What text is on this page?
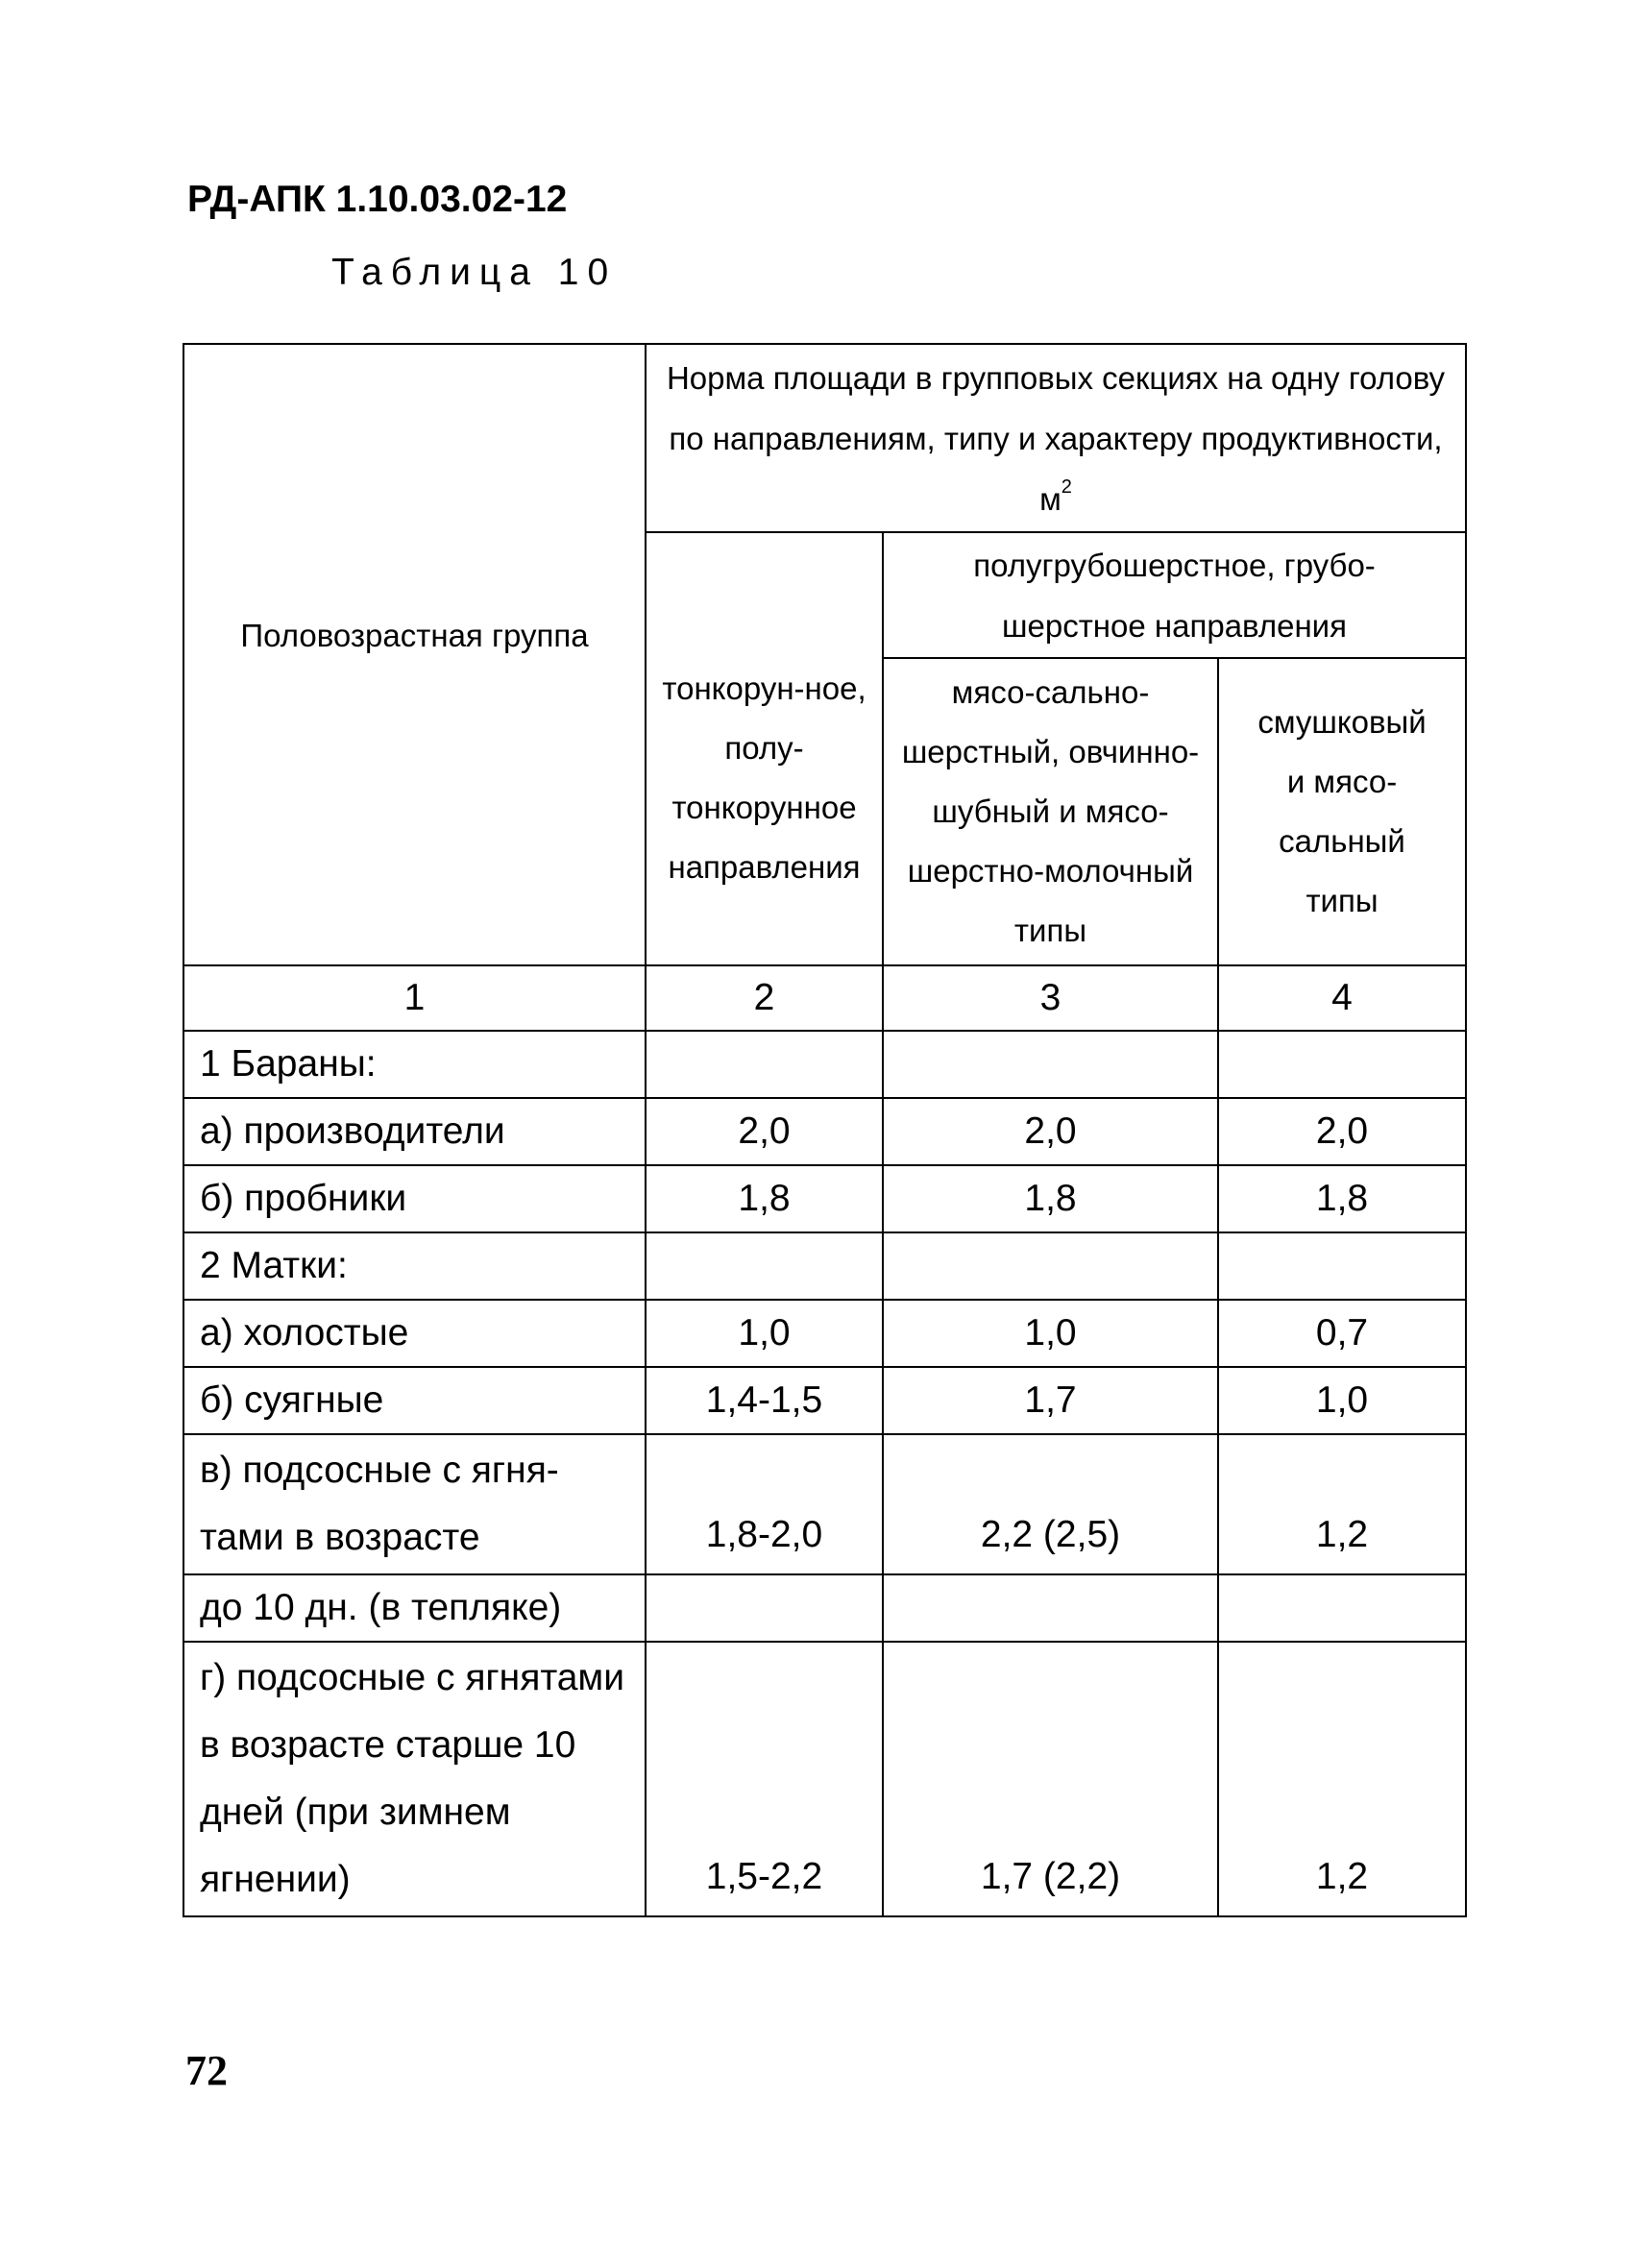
РД-АПК 1.10.03.02-12
Таблица 10
Половозрастная группа	Норма площади в групповых секциях на одну голову по направлениям, типу и характеру продуктивности, $м^2$
	тонкорун-ное, полу-тонкорунное направления	полугрубошерстное, грубо-шерстное направления	
		мясо-сально-шерстный, овчинно-шубный и мясо-шерстно-молочный типы	смушковый и мясо-сальный типы
1	2	3	4
1 Бараны:			
а) производители	2,0	2,0	2,0
б) пробники	1,8	1,8	1,8
2 Матки:			
а) холостые	1,0	1,0	0,7
б) суягные	1,4-1,5	1,7	1,0
в) подсосные с ягня-тами в возрасте	1,8-2,0	2,2 (2,5)	1,2
до 10 дн. (в тепляке)			
г) подсосные с ягнятами в возрасте старше 10 дней (при зимнем ягнении)	1,5-2,2	1,7 (2,2)	1,2
72
